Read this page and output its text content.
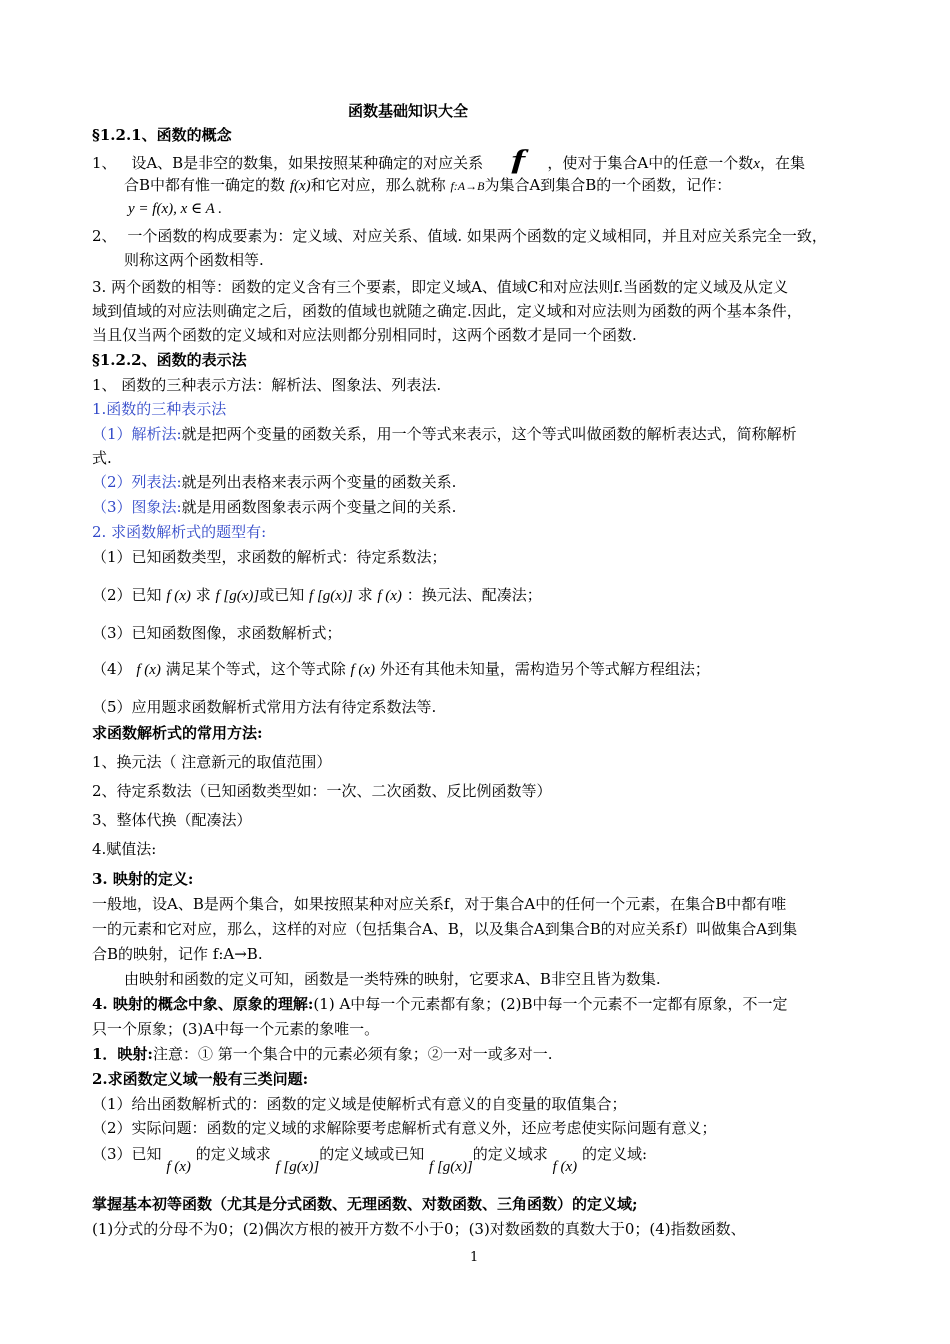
函数基础知识大全
§1.2.1、函数的概念
1、 设A、B是非空的数集，如果按照某种确定的对应关系 f ，使对于集合A中的任意一个数x，在集
合B中都有惟一确定的数 f(x)和它对应，那么就称 f:A→B为集合A到集合B的一个函数，记作：
y = f(x), x ∈ A .
2、 一个函数的构成要素为：定义域、对应关系、值域. 如果两个函数的定义域相同，并且对应关系完全一致，
则称这两个函数相等.
3. 两个函数的相等：函数的定义含有三个要素，即定义域A、值域C和对应法则f.当函数的定义域及从定义
域到值域的对应法则确定之后，函数的值域也就随之确定.因此，定义域和对应法则为函数的两个基本条件，
当且仅当两个函数的定义域和对应法则都分别相同时，这两个函数才是同一个函数.
§1.2.2、函数的表示法
1、 函数的三种表示方法：解析法、图象法、列表法.
1.函数的三种表示法
（1）解析法:就是把两个变量的函数关系，用一个等式来表示，这个等式叫做函数的解析表达式，简称解析
式.
（2）列表法:就是列出表格来表示两个变量的函数关系.
（3）图象法:就是用函数图象表示两个变量之间的关系.
2. 求函数解析式的题型有:
（1）已知函数类型，求函数的解析式：待定系数法；
（2）已知 f (x) 求 f [g(x)]或已知 f [g(x)] 求 f (x) ：换元法、配凑法；
（3）已知函数图像，求函数解析式；
（4） f (x) 满足某个等式，这个等式除 f (x) 外还有其他未知量，需构造另个等式解方程组法；
（5）应用题求函数解析式常用方法有待定系数法等.
求函数解析式的常用方法:
1、换元法（ 注意新元的取值范围）
2、待定系数法（已知函数类型如：一次、二次函数、反比例函数等）
3、整体代换（配凑法）
4.赋值法:
3. 映射的定义:
一般地，设A、B是两个集合，如果按照某种对应关系f，对于集合A中的任何一个元素，在集合B中都有唯
一的元素和它对应，那么，这样的对应（包括集合A、B，以及集合A到集合B的对应关系f）叫做集合A到集
合B的映射，记作 f:A→B.
由映射和函数的定义可知，函数是一类特殊的映射，它要求A、B非空且皆为数集.
4. 映射的概念中象、原象的理解:(1) A中每一个元素都有象；(2)B中每一个元素不一定都有原象，不一定
只一个原象；(3)A中每一个元素的象唯一。
1．映射:注意：① 第一个集合中的元素必须有象；②一对一或多对一.
2.求函数定义域一般有三类问题:
（1）给出函数解析式的：函数的定义域是使解析式有意义的自变量的取值集合；
（2）实际问题：函数的定义域的求解除要考虑解析式有意义外，还应考虑使实际问题有意义；
（3）已知 f (x) 的定义域求 f [g(x)]的定义域或已知 f [g(x)]的定义域求 f (x) 的定义域:
掌握基本初等函数（尤其是分式函数、无理函数、对数函数、三角函数）的定义域;
(1)分式的分母不为0；(2)偶次方根的被开方数不小于0；(3)对数函数的真数大于0；(4)指数函数、
1
